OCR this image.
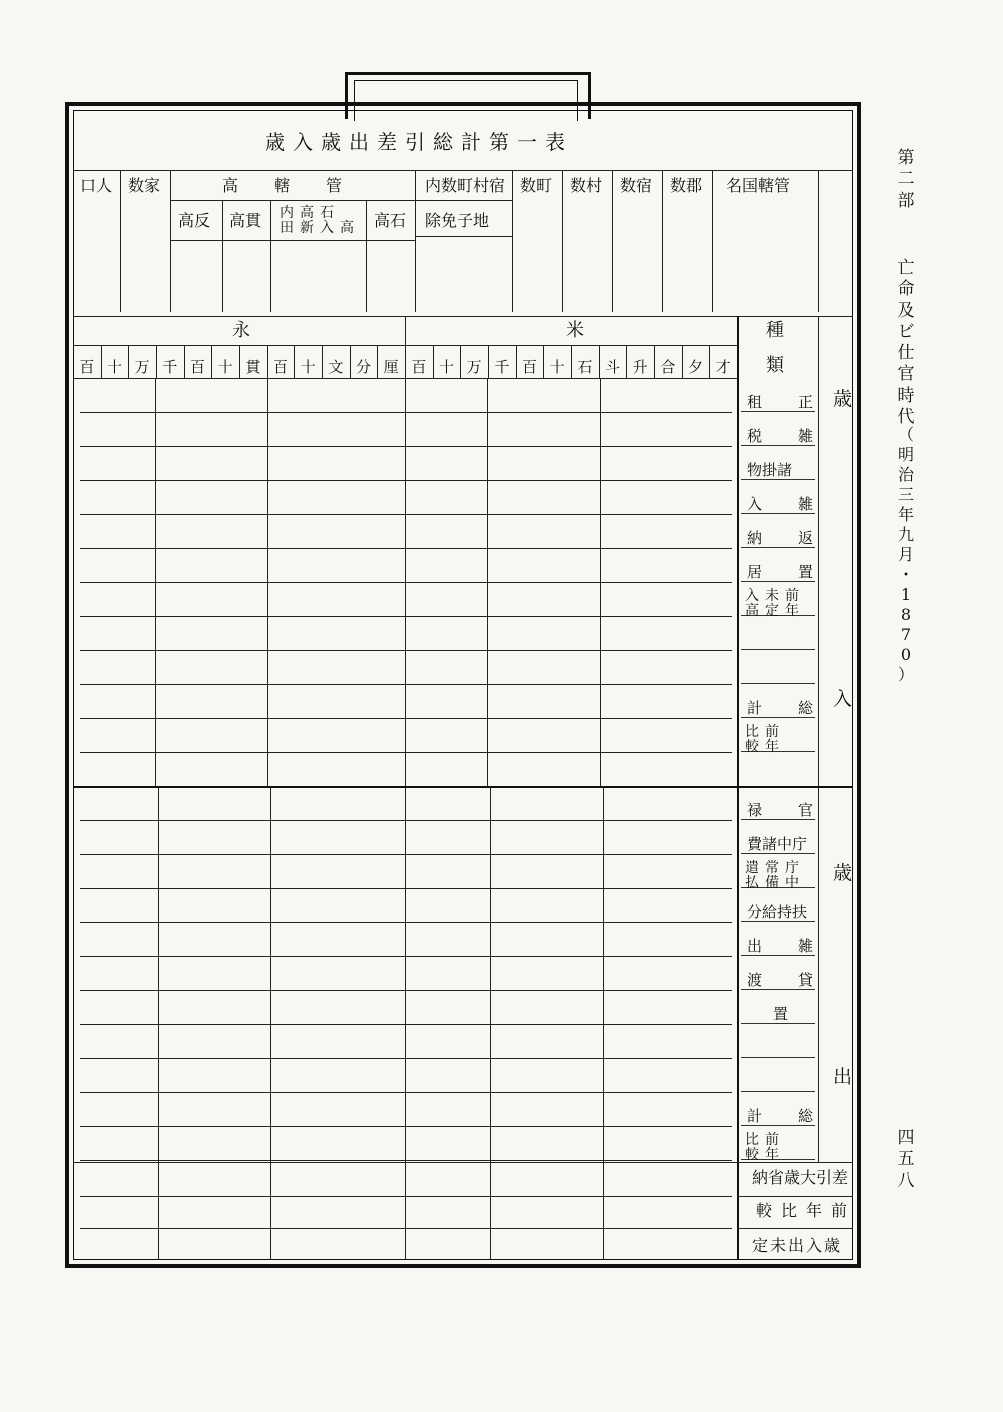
歳入歳出差引総計第一表
口人 数家	高轄管	内数町村宿 数町 数村 数宿 数郡 名国轄管
高反 高貫 内高石 田新入高 高石 除免子地
永	米
百 十 万 千 百 十 貫 百 十 文 分 厘 百 十 万 千 百 十 石 斗 升 合 夕 才
種
類
歳
入
歳
出
租 正
税 雑
物掛諸
入 雑
納 返
居 置
入未前
高定年
計 総
比前
較年
禄 官
費諸中庁
遣常庁
払備中
分給持扶
出 雑
渡 貸
置
計 総
比前
較年
納省歳大引差
較比年前
定未出入歳
第
二
部
亡
命
及
ビ
仕
官
時
代
（
明
治
三
年
九
月
・
1
8
7
0
）
四
五
八
